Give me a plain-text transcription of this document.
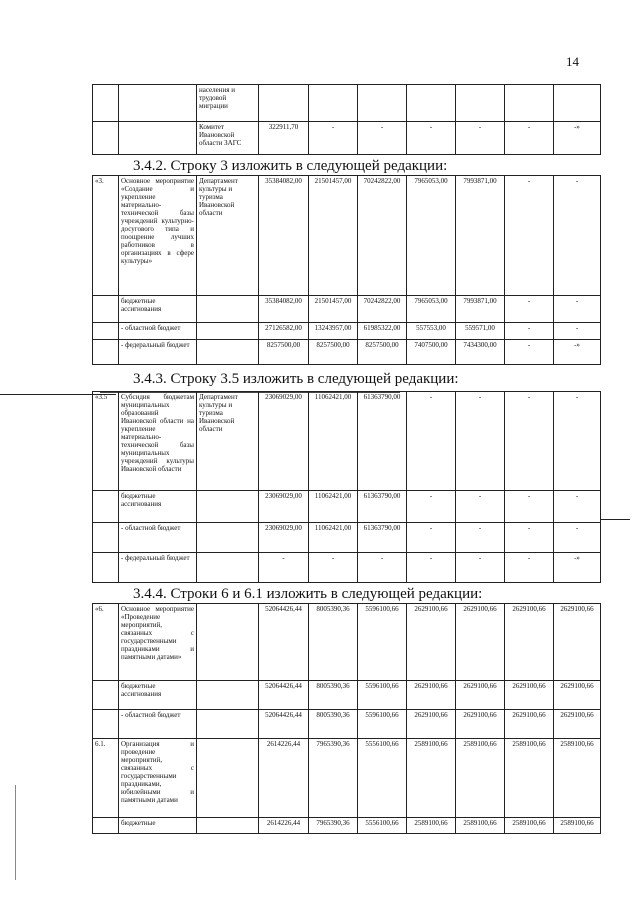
14
		населения и трудовой миграции							
		Комитет Ивановской области ЗАГС	322911,70	-	-	-	-	-	-»
3.4.2. Строку 3 изложить в следующей редакции:
«3.	Основное мероприятие «Создание и укрепление материально-технической базы учреждений культурно-досугового типа и поощрение лучших работников в организациях в сфере культуры»	Департамент культуры и туризма Ивановской области	35384082,00	21501457,00	70242822,00	7965053,00	7993871,00	-	-
	бюджетные ассигнования		35384082,00	21501457,00	70242822,00	7965053,00	7993871,00	-	-
	- областной бюджет		27126582,00	13243957,00	61985322,00	557553,00	559571,00	-	-
	- федеральный бюджет		8257500,00	8257500,00	8257500,00	7407500,00	7434300,00	-	-»
3.4.3. Строку 3.5 изложить в следующей редакции:
«3.5	Субсидия бюджетам муниципальных образований Ивановской области на укрепление материально-технической базы муниципальных учреждений культуры Ивановской области	Департамент культуры и туризма Ивановской области	23069029,00	11062421,00	61363790,00	-	-	-	-
	бюджетные ассигнования		23069029,00	11062421,00	61363790,00	-	-	-	-
	- областной бюджет		23069029,00	11062421,00	61363790,00	-	-	-	-
	- федеральный бюджет		-	-	-	-	-	-	-»
3.4.4. Строки 6 и 6.1 изложить в следующей редакции:
«6.	Основное мероприятие «Проведение мероприятий, связанных с государственными праздниками и памятными датами»		52064426,44	8005390,36	5596100,66	2629100,66	2629100,66	2629100,66	2629100,66
	бюджетные ассигнования		52064426,44	8005390,36	5596100,66	2629100,66	2629100,66	2629100,66	2629100,66
	- областной бюджет		52064426,44	8005390,36	5596100,66	2629100,66	2629100,66	2629100,66	2629100,66
6.1.	Организация и проведение мероприятий, связанных с государственными праздниками, юбилейными и памятными датами		2614226,44	7965390,36	5556100,66	2589100,66	2589100,66	2589100,66	2589100,66
	бюджетные		2614226,44	7965390,36	5556100,66	2589100,66	2589100,66	2589100,66	2589100,66
